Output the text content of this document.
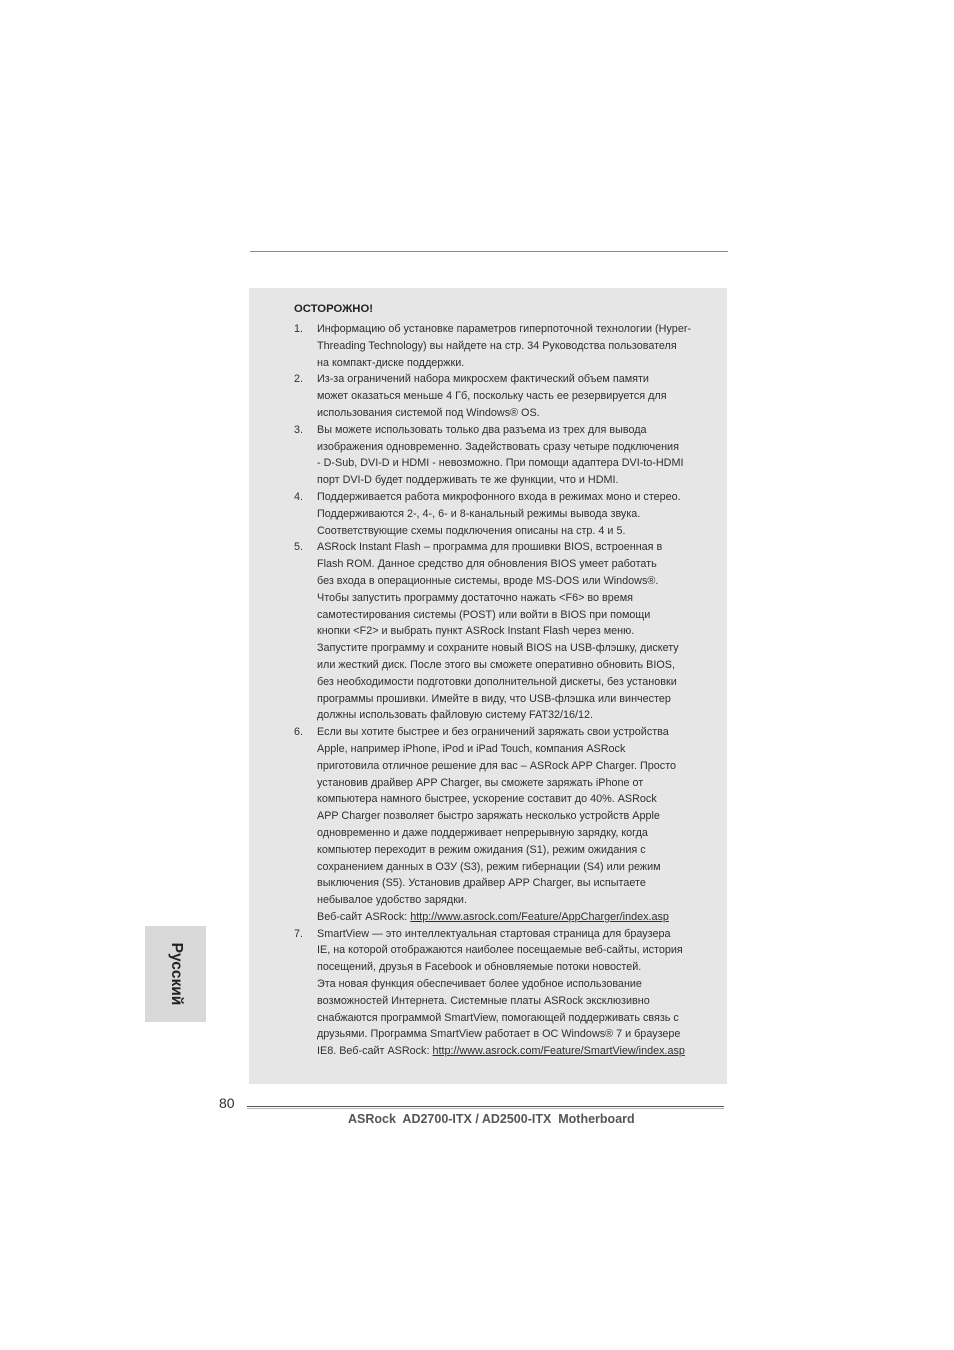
ОСТОРОЖНО!
1.	Информацию об установке параметров гиперпоточной технологии (Hyper-
Threading Technology) вы найдете на стр. 34 Руководства пользователя
на компакт-диске поддержки.
2.	Из-за ограничений набора микросхем фактический объем памяти
может оказаться меньше 4 Гб, поскольку часть ее резервируется для
использования системой под Windows® OS.
3.	Вы можете использовать только два разъема из трех для вывода
изображения одновременно. Задействовать сразу четыре подключения
- D-Sub, DVI-D и HDMI - невозможно. При помощи адаптера DVI-to-HDMI
порт DVI-D будет поддерживать те же функции, что и HDMI.
4.	Поддерживается работа микрофонного входа в режимах моно и стерео.
Поддерживаются 2-, 4-, 6- и 8-канальный режимы вывода звука.
Соответствующие схемы подключения описаны на стр. 4 и 5.
5.	ASRock Instant Flash – программа для прошивки BIOS, встроенная в
Flash ROM. Данное средство для обновления BIOS умеет работать
без входа в операционные системы, вроде MS-DOS или Windows®.
Чтобы запустить программу достаточно нажать <F6> во время
самотестирования системы (POST) или войти в BIOS при помощи
кнопки <F2> и выбрать пункт ASRock Instant Flash через меню.
Запустите программу и сохраните новый BIOS на USB-флэшку, дискету
или жесткий диск. После этого вы сможете оперативно обновить BIOS,
без необходимости подготовки дополнительной дискеты, без установки
программы прошивки. Имейте в виду, что USB-флэшка или винчестер
должны использовать файловую систему FAT32/16/12.
6.	Если вы хотите быстрее и без ограничений заряжать свои устройства
Apple, например iPhone, iPod и iPad Touch, компания ASRock
приготовила отличное решение для вас – ASRock APP Charger. Просто
установив драйвер APP Charger, вы сможете заряжать iPhone от
компьютера намного быстрее, ускорение составит до 40%. ASRock
APP Charger позволяет быстро заряжать несколько устройств Apple
одновременно и даже поддерживает непрерывную зарядку, когда
компьютер переходит в режим ожидания (S1), режим ожидания с
сохранением данных в ОЗУ (S3), режим гибернации (S4) или режим
выключения (S5). Установив драйвер APP Charger, вы испытаете
небывалое удобство зарядки.
Веб-сайт ASRock: http://www.asrock.com/Feature/AppCharger/index.asp
7.	SmartView — это интеллектуальная стартовая страница для браузера
IE, на которой отображаются наиболее посещаемые веб-сайты, история
посещений, друзья в Facebook и обновляемые потоки новостей.
Эта новая функция обеспечивает более удобное использование
возможностей Интернета. Системные платы ASRock эксклюзивно
снабжаются программой SmartView, помогающей поддерживать связь с
друзьями. Программа SmartView работает в ОС Windows® 7 и браузере
IE8. Веб-сайт ASRock: http://www.asrock.com/Feature/SmartView/index.asp
Русский
80
ASRock  AD2700-ITX / AD2500-ITX  Motherboard
